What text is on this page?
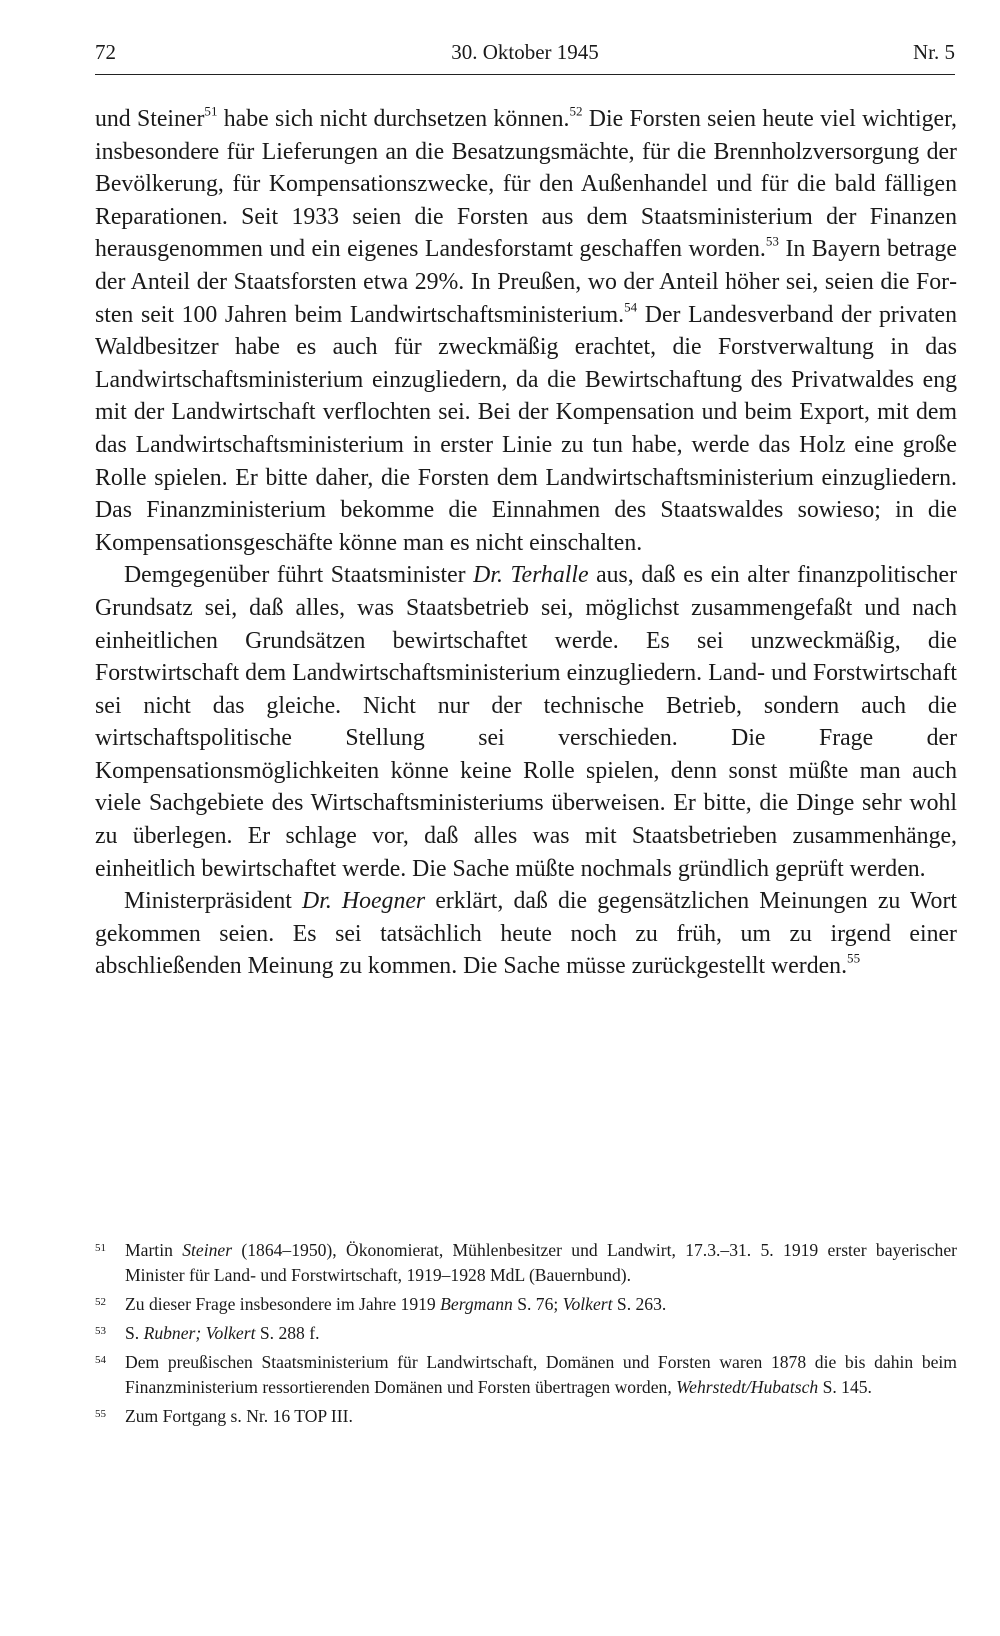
72	30. Oktober 1945	Nr. 5

und Steiner$^{51}$ habe sich nicht durchsetzen können.$^{52}$ Die Forsten seien heute viel wichtiger, insbesondere für Lieferungen an die Besatzungsmächte, für die Brennholzversorgung der Bevölkerung, für Kompensationszwecke, für den Außenhandel und für die bald fälligen Reparationen. Seit 1933 seien die Forsten aus dem Staatsministerium der Finanzen herausgenommen und ein eigenes Landesforstamt geschaffen worden.$^{53}$ In Bayern betrage der Anteil der Staatsforsten etwa 29%. In Preußen, wo der Anteil höher sei, seien die Forsten seit 100 Jahren beim Landwirtschaftsministerium.$^{54}$ Der Landesverband der privaten Waldbesitzer habe es auch für zweckmäßig erachtet, die Forstverwaltung in das Landwirtschaftsministerium einzugliedern, da die Bewirtschaftung des Privatwaldes eng mit der Landwirtschaft verflochten sei. Bei der Kompensation und beim Export, mit dem das Landwirtschaftsministerium in erster Linie zu tun habe, werde das Holz eine große Rolle spielen. Er bitte daher, die Forsten dem Landwirtschaftsministerium einzugliedern. Das Finanzministerium bekomme die Einnahmen des Staatswaldes sowieso; in die Kompensationsgeschäfte könne man es nicht einschalten.

Demgegenüber führt Staatsminister Dr. Terhalle aus, daß es ein alter finanzpolitischer Grundsatz sei, daß alles, was Staatsbetrieb sei, möglichst zusammengefaßt und nach einheitlichen Grundsätzen bewirtschaftet werde. Es sei unzweckmäßig, die Forstwirtschaft dem Landwirtschaftsministerium einzugliedern. Land- und Forstwirtschaft sei nicht das gleiche. Nicht nur der technische Betrieb, sondern auch die wirtschaftspolitische Stellung sei verschieden. Die Frage der Kompensationsmöglichkeiten könne keine Rolle spielen, denn sonst müßte man auch viele Sachgebiete des Wirtschaftsministeriums überweisen. Er bitte, die Dinge sehr wohl zu überlegen. Er schlage vor, daß alles was mit Staatsbetrieben zusammenhänge, einheitlich bewirtschaftet werde. Die Sache müßte nochmals gründlich geprüft werden.

Ministerpräsident Dr. Hoegner erklärt, daß die gegensätzlichen Meinungen zu Wort gekommen seien. Es sei tatsächlich heute noch zu früh, um zu irgend einer abschließenden Meinung zu kommen. Die Sache müsse zurückgestellt werden.$^{55}$

51	Martin Steiner (1864–1950), Ökonomierat, Mühlenbesitzer und Landwirt, 17.3.–31. 5. 1919 erster bayerischer Minister für Land- und Forstwirtschaft, 1919–1928 MdL (Bauernbund).
52	Zu dieser Frage insbesondere im Jahre 1919 Bergmann S. 76; Volkert S. 263.
53	S. Rubner; Volkert S. 288 f.
54	Dem preußischen Staatsministerium für Landwirtschaft, Domänen und Forsten waren 1878 die bis dahin beim Finanzministerium ressortierenden Domänen und Forsten übertragen worden, Wehrstedt/Hubatsch S. 145.
55	Zum Fortgang s. Nr. 16 TOP III.
